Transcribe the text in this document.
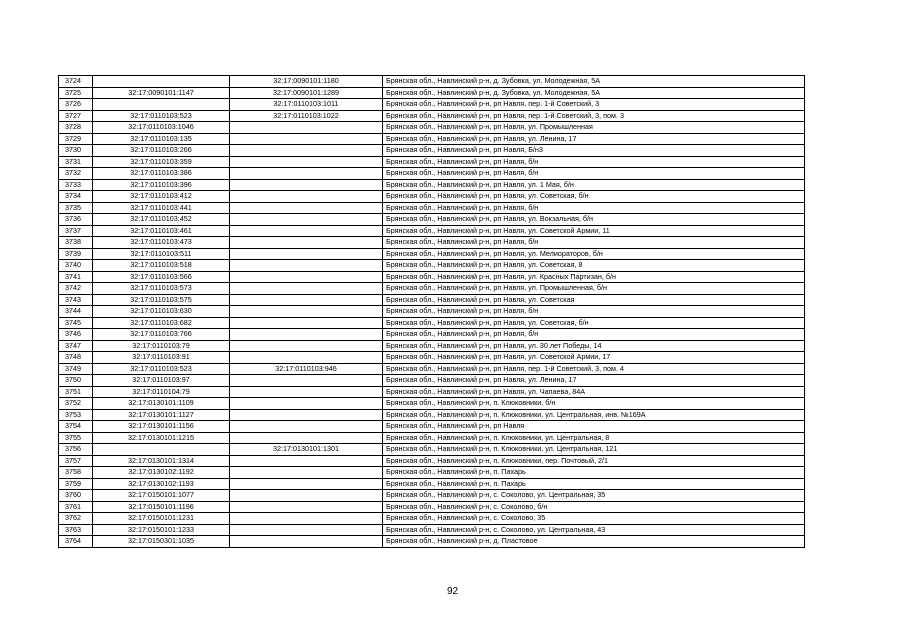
3724		32:17:0090101:1180	Брянская обл., Навлинский р-н, д. Зубовка, ул. Молодежная, 5А
3725	32:17:0090101:1147	32:17:0090101:1289	Брянская обл., Навлинский р-н, д. Зубовка, ул. Молодежная, 5А
3726		32:17:0110103:1011	Брянская обл., Навлинский р-н, рп Навля, пер. 1-й Советский, 3
3727	32:17:0110103:523	32:17:0110103:1022	Брянская обл., Навлинский р-н, рп Навля, пер. 1-й Советский, 3, пом. 3
3728	32:17:0110103:1046		Брянская обл., Навлинский р-н, рп Навля, ул. Промышленная
3729	32:17:0110103:135		Брянская обл., Навлинский р-н, рп Навля, ул. Ленина, 17
3730	32:17:0110103:266		Брянская обл., Навлинский р-н, рп Навля, Б/н3
3731	32:17:0110103:359		Брянская обл., Навлинский р-н, рп Навля, б/н
3732	32:17:0110103:386		Брянская обл., Навлинский р-н, рп Навля, б/н
3733	32:17:0110103:396		Брянская обл., Навлинский р-н, рп Навля, ул. 1 Мая, б/н
3734	32:17:0110103:412		Брянская обл., Навлинский р-н, рп Навля, ул. Советская, б/н
3735	32:17:0110103:441		Брянская обл., Навлинский р-н, рп Навля, б/н
3736	32:17:0110103:452		Брянская обл., Навлинский р-н, рп Навля, ул. Вокзальная, б/н
3737	32:17:0110103:461		Брянская обл., Навлинский р-н, рп Навля, ул. Советской Армии, 11
3738	32:17:0110103:473		Брянская обл., Навлинский р-н, рп Навля, б/н
3739	32:17:0110103:511		Брянская обл., Навлинский р-н, рп Навля, ул. Мелиораторов, б/н
3740	32:17:0110103:518		Брянская обл., Навлинский р-н, рп Навля, ул. Советская, 8
3741	32:17:0110103:566		Брянская обл., Навлинский р-н, рп Навля, ул. Красных Партизан, б/н
3742	32:17:0110103:573		Брянская обл., Навлинский р-н, рп Навля, ул. Промышленная, б/н
3743	32:17:0110103:575		Брянская обл., Навлинский р-н, рп Навля, ул. Советская
3744	32:17:0110103:630		Брянская обл., Навлинский р-н, рп Навля, б/н
3745	32:17:0110103:682		Брянская обл., Навлинский р-н, рп Навля, ул. Советская, б/н
3746	32:17:0110103:766		Брянская обл., Навлинский р-н, рп Навля, б/н
3747	32:17:0110103:79		Брянская обл., Навлинский р-н, рп Навля, ул. 30 лет Победы, 14
3748	32:17:0110103:91		Брянская обл., Навлинский р-н, рп Навля, ул. Советской Армии, 17
3749	32:17:0110103:523	32:17:0110103:946	Брянская обл., Навлинский р-н, рп Навля, пер. 1-й Советский, 3, пом. 4
3750	32:17:0110103:97		Брянская обл., Навлинский р-н, рп Навля, ул. Ленина, 17
3751	32:17:0110104:79		Брянская обл., Навлинский р-н, рп Навля, ул. Чапаева, 84А
3752	32:17:0130101:1109		Брянская обл., Навлинский р-н, п. Клюковники, б/н
3753	32:17:0130101:1127		Брянская обл., Навлинский р-н, п. Клюковники, ул. Центральная, инв. №169А
3754	32:17:0130101:1156		Брянская обл., Навлинский р-н, рп Навля
3755	32:17:0130101:1215		Брянская обл., Навлинский р-н, п. Клюковники, ул. Центральная, 8
3756		32:17:0130101:1301	Брянская обл., Навлинский р-н, п. Клюковники, ул. Центральная, 121
3757	32:17:0130101:1314		Брянская обл., Навлинский р-н, п. Клюковники, пер. Почтовый, 2/1
3758	32:17:0130102:1192		Брянская обл., Навлинский р-н, п. Пахарь
3759	32:17:0130102:1193		Брянская обл., Навлинский р-н, п. Пахарь
3760	32:17:0150101:1077		Брянская обл., Навлинский р-н, с. Соколово, ул. Центральная, 35
3761	32:17:0150101:1196		Брянская обл., Навлинский р-н, с. Соколово, б/н
3762	32:17:0150101:1231		Брянская обл., Навлинский р-н, с. Соколово, 35
3763	32:17:0150101:1233		Брянская обл., Навлинский р-н, с. Соколово, ул. Центральная, 43
3764	32:17:0150301:1035		Брянская обл., Навлинский р-н, д. Пластовое
92
